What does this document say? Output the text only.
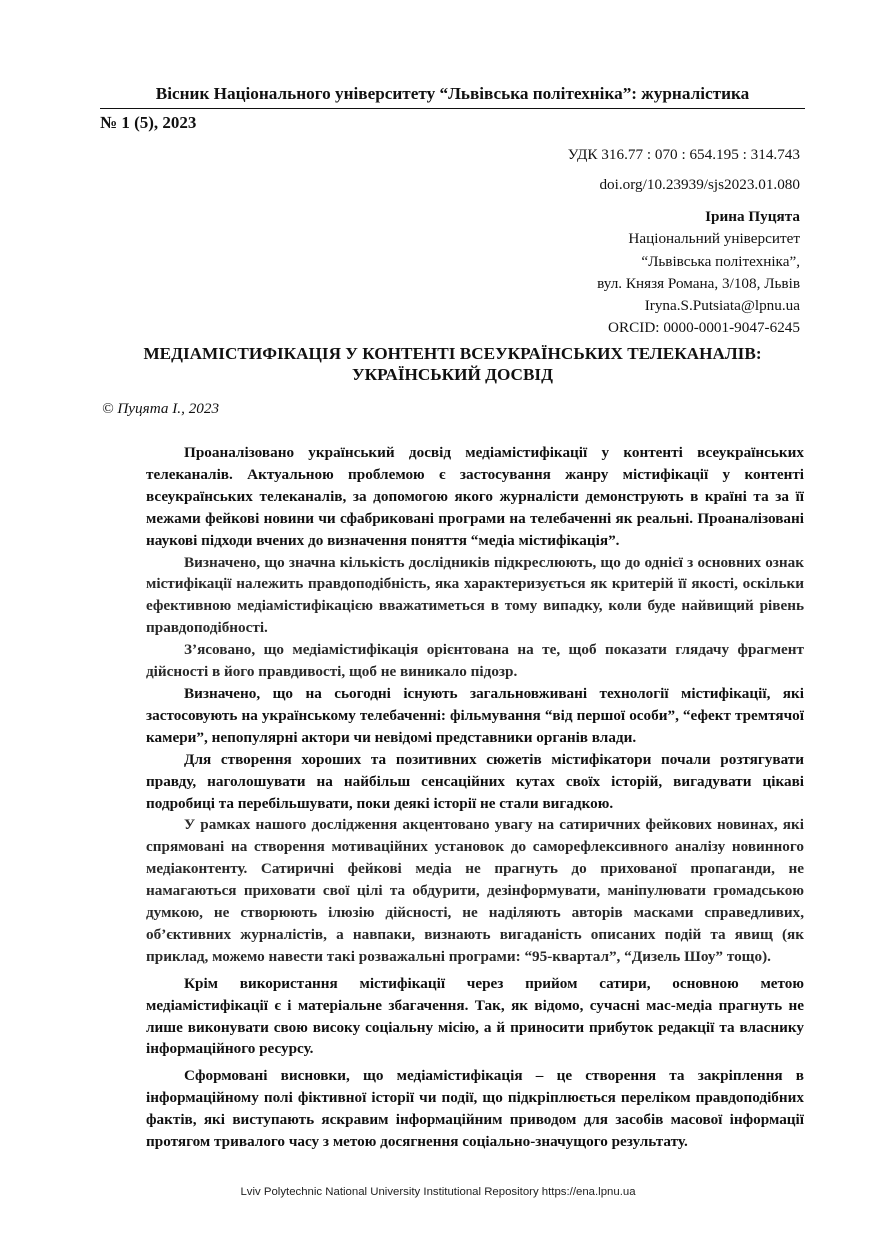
Вісник Національного університету “Львівська політехніка”: журналістика
№ 1 (5), 2023
УДК 316.77 : 070 : 654.195 : 314.743
doi.org/10.23939/sjs2023.01.080
Ірина Пуцята
Національний університет
“Львівська політехніка”,
вул. Князя Романа, 3/108, Львів
Iryna.S.Putsiata@lpnu.ua
ORCID: 0000-0001-9047-6245
МЕДІАМІСТИФІКАЦІЯ У КОНТЕНТІ ВСЕУКРАЇНСЬКИХ ТЕЛЕКАНАЛІВ:
УКРАЇНСЬКИЙ ДОСВІД
© Пуцята І., 2023

Проаналізовано український досвід медіамістифікації у контенті всеукраїнських телеканалів. Актуальною проблемою є застосування жанру містифікації у контенті всеукраїнських телеканалів, за допомогою якого журналісти демонструють в країні та за її межами фейкові новини чи сфабриковані програми на телебаченні як реальні. Проаналізовані наукові підходи вчених до визначення поняття “медіа містифікація”.

Визначено, що значна кількість дослідників підкреслюють, що до однієї з основних ознак містифікації належить правдоподібність, яка характеризується як критерій її якості, оскільки ефективною медіамістифікацією вважатиметься в тому випадку, коли буде найвищий рівень правдоподібності.

З’ясовано, що медіамістифікація орієнтована на те, щоб показати глядачу фрагмент дійсності в його правдивості, щоб не виникало підозр.

Визначено, що на сьогодні існують загальновживані технології містифікації, які застосовують на українському телебаченні: фільмування “від першої особи”, “ефект тремтячої камери”, непопулярні актори чи невідомі представники органів влади.

Для створення хороших та позитивних сюжетів містифікатори почали розтягувати правду, наголошувати на найбільш сенсаційних кутах своїх історій, вигадувати цікаві подробиці та перебільшувати, поки деякі історії не стали вигадкою.

У рамках нашого дослідження акцентовано увагу на сатиричних фейкових новинах, які спрямовані на створення мотиваційних установок до саморефлексивного аналізу новинного медіаконтенту. Сатиричні фейкові медіа не прагнуть до прихованої пропаганди, не намагаються приховати свої цілі та обдурити, дезінформувати, маніпулювати громадською думкою, не створюють ілюзію дійсності, не наділяють авторів масками справедливих, об’єктивних журналістів, а навпаки, визнають вигаданість описаних подій та явищ (як приклад, можемо навести такі розважальні програми: “95-квартал”, “Дизель Шоу” тощо).

Крім використання містифікації через прийом сатири, основною метою медіамістифікації є і матеріальне збагачення. Так, як відомо, сучасні мас-медіа прагнуть не лише виконувати свою високу соціальну місію, а й приносити прибуток редакції та власнику інформаційного ресурсу.

Сформовані висновки, що медіамістифікація – це створення та закріплення в інформаційному полі фіктивної історії чи події, що підкріплюється переліком правдоподібних фактів, які виступають яскравим інформаційним приводом для засобів масової інформації протягом тривалого часу з метою досягнення соціально-значущого результату.

Lviv Polytechnic National University Institutional Repository https://ena.lpnu.ua
